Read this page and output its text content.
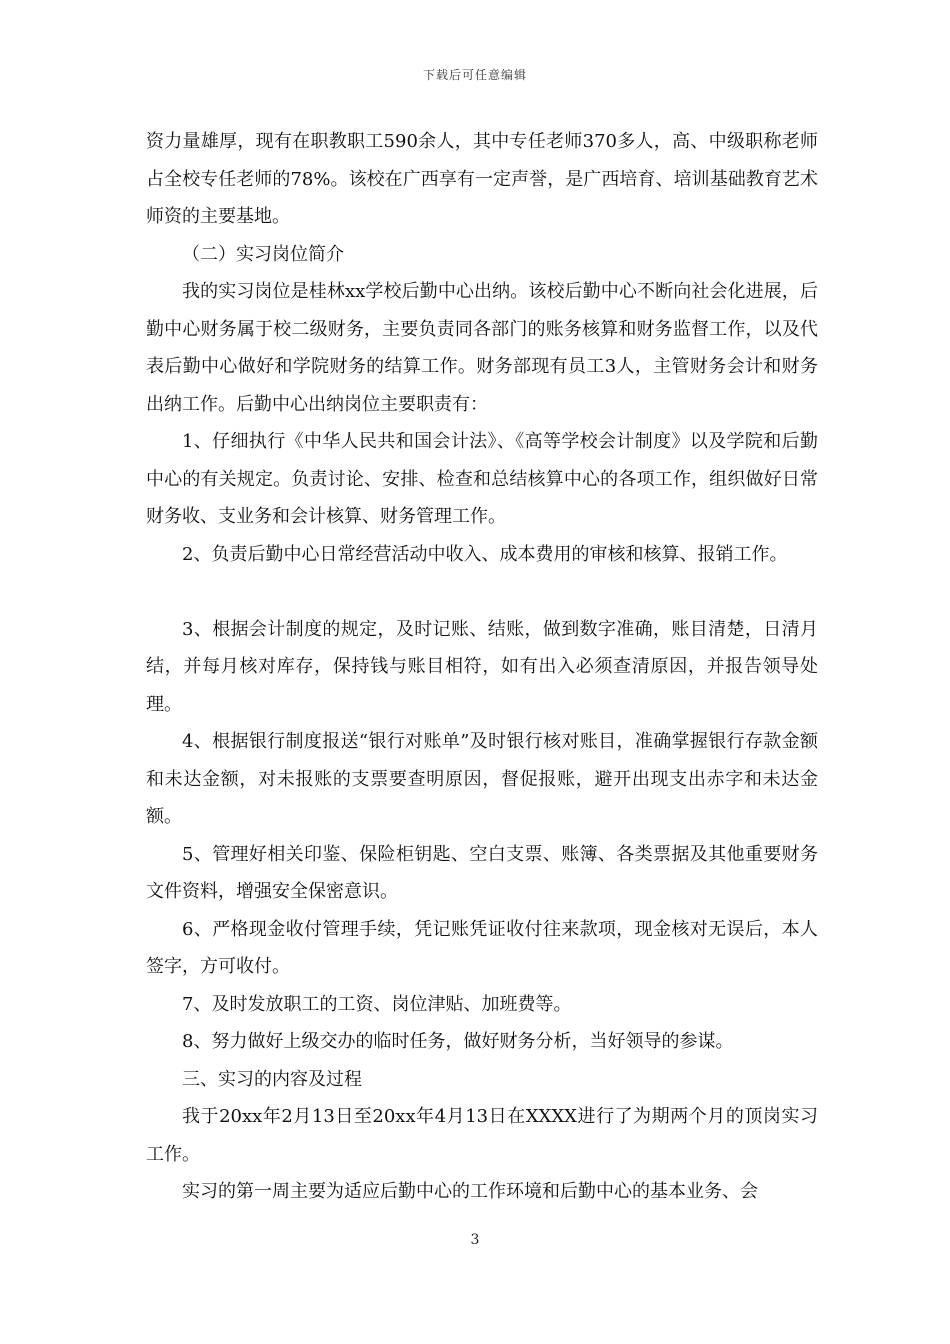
下载后可任意编辑

资力量雄厚，现有在职教职工590余人，其中专任老师370多人，高、中级职称老师占全校专任老师的78%。该校在广西享有一定声誉，是广西培育、培训基础教育艺术师资的主要基地。

（二）实习岗位简介

我的实习岗位是桂林xx学校后勤中心出纳。该校后勤中心不断向社会化进展，后勤中心财务属于校二级财务，主要负责同各部门的账务核算和财务监督工作，以及代表后勤中心做好和学院财务的结算工作。财务部现有员工3人，主管财务会计和财务出纳工作。后勤中心出纳岗位主要职责有：

1、仔细执行《中华人民共和国会计法》、《高等学校会计制度》以及学院和后勤中心的有关规定。负责讨论、安排、检查和总结核算中心的各项工作，组织做好日常财务收、支业务和会计核算、财务管理工作。

2、负责后勤中心日常经营活动中收入、成本费用的审核和核算、报销工作。

3、根据会计制度的规定，及时记账、结账，做到数字准确，账目清楚，日清月结，并每月核对库存，保持钱与账目相符，如有出入必须查清原因，并报告领导处理。

4、根据银行制度报送“银行对账单”及时银行核对账目，准确掌握银行存款金额和未达金额，对未报账的支票要查明原因，督促报账，避开出现支出赤字和未达金额。

5、管理好相关印鉴、保险柜钥匙、空白支票、账簿、各类票据及其他重要财务文件资料，增强安全保密意识。

6、严格现金收付管理手续，凭记账凭证收付往来款项，现金核对无误后，本人签字，方可收付。

7、及时发放职工的工资、岗位津贴、加班费等。

8、努力做好上级交办的临时任务，做好财务分析，当好领导的参谋。

三、实习的内容及过程

我于20xx年2月13日至20xx年4月13日在XXXX进行了为期两个月的顶岗实习工作。

实习的第一周主要为适应后勤中心的工作环境和后勤中心的基本业务、会

3
